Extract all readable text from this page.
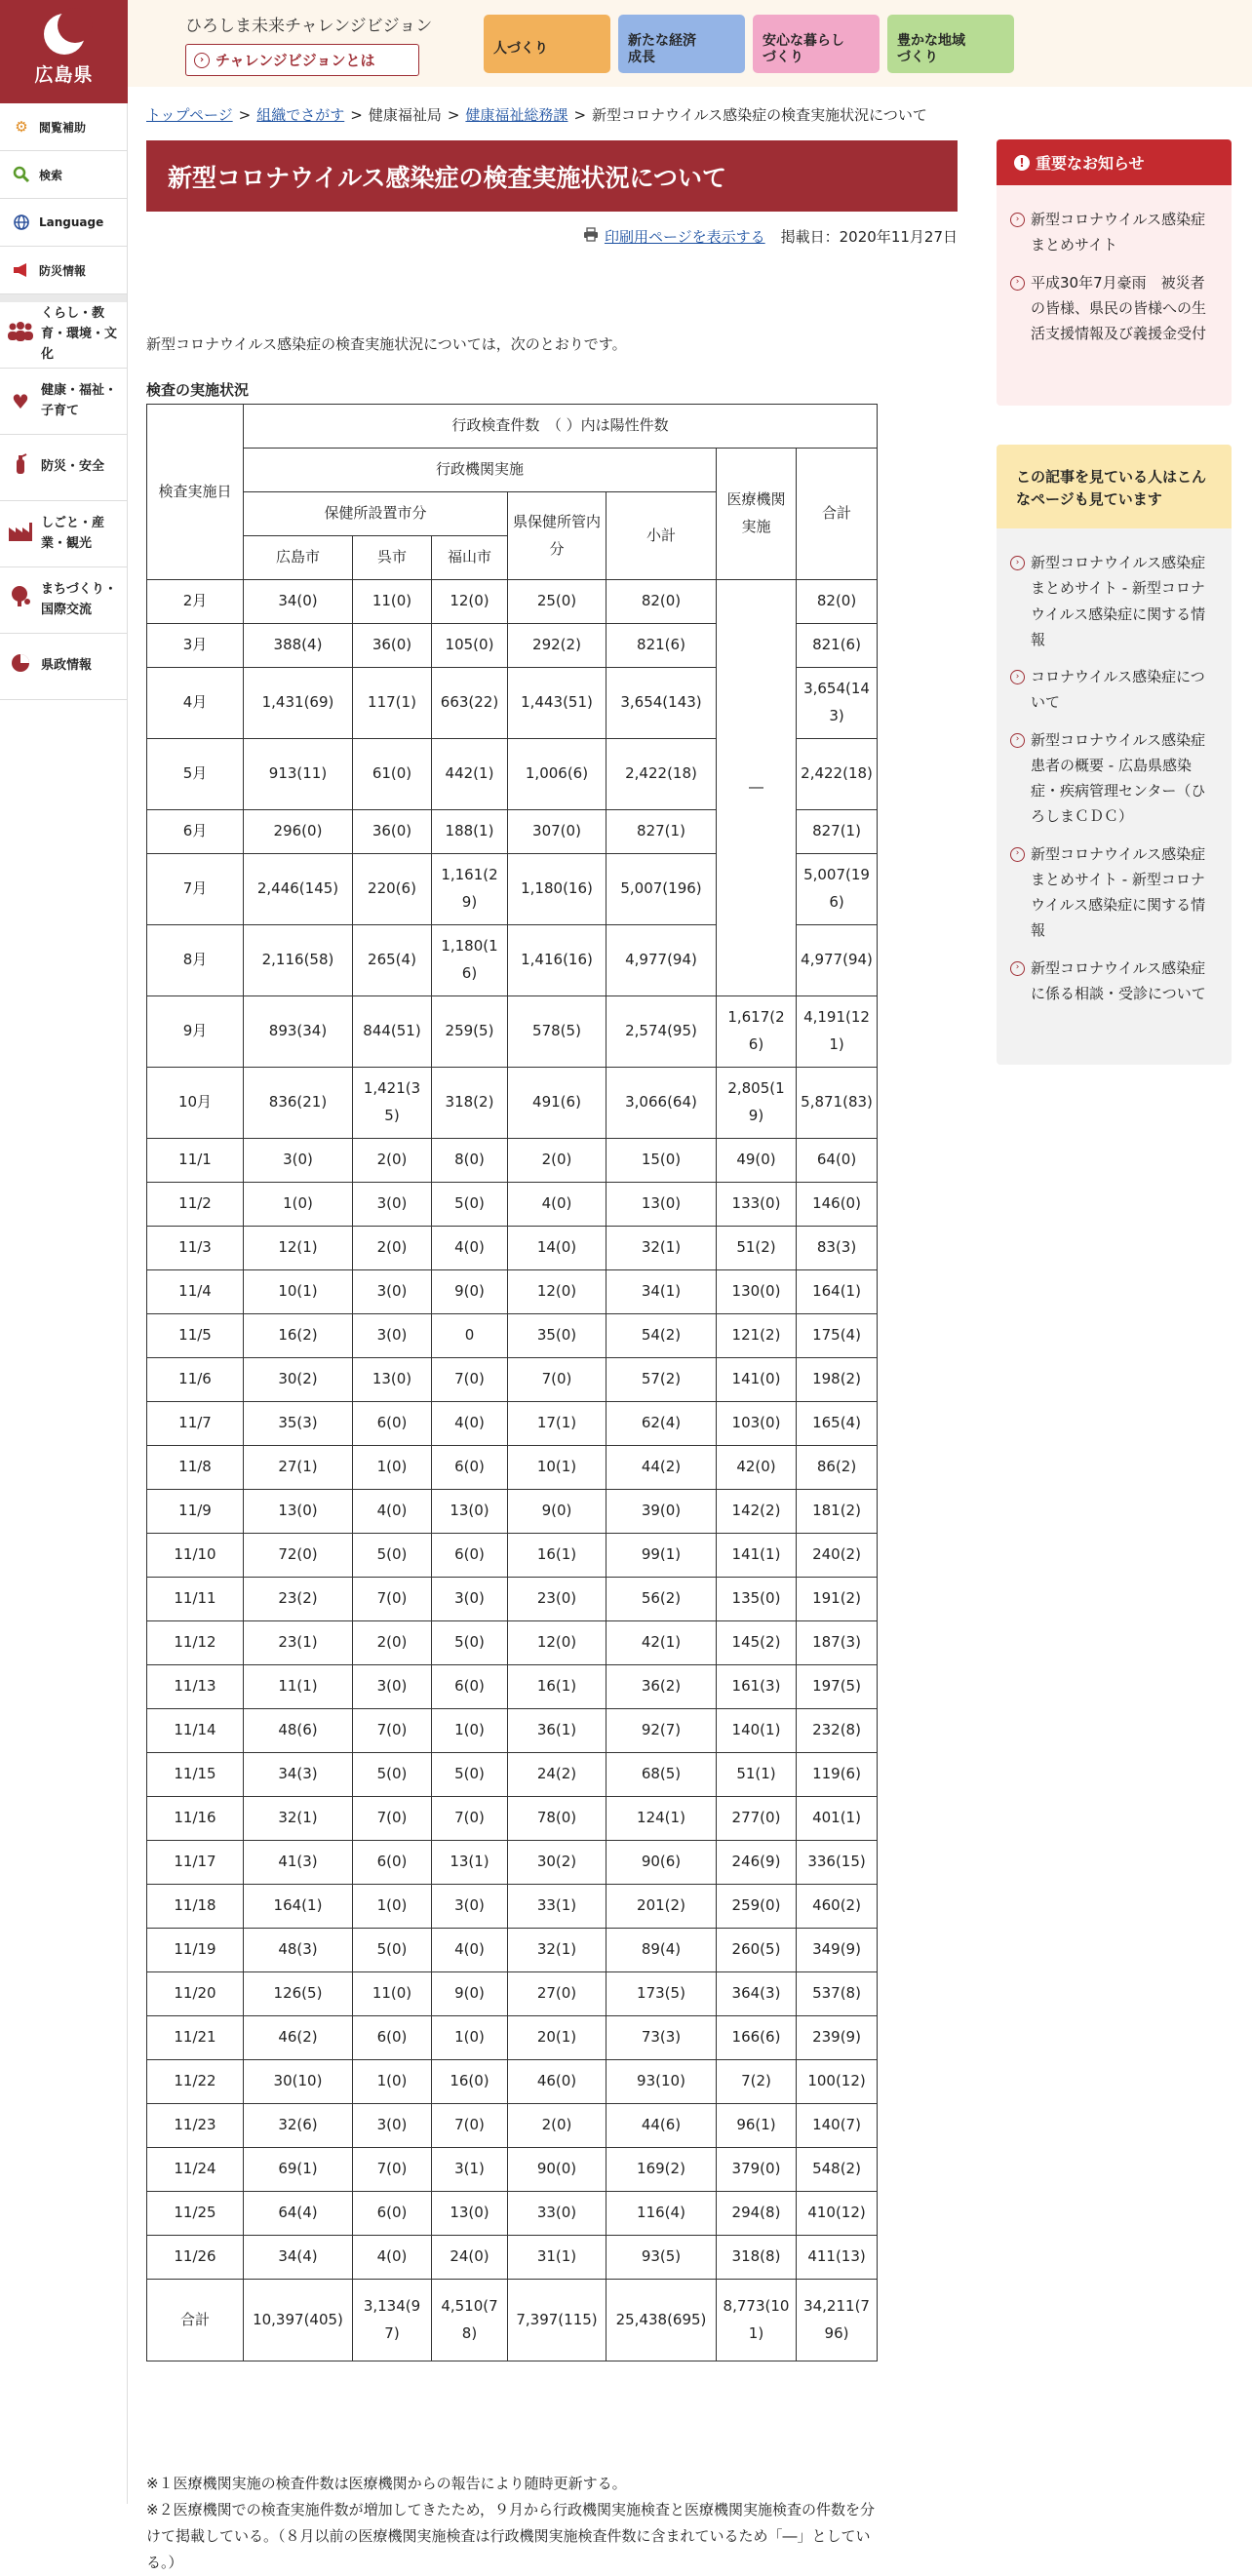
広島県
⚙ 閲覧補助
検索
Language
防災情報
くらし・教育・環境・文化
♥ 健康・福祉・子育て
防災・安全
しごと・産業・観光
まちづくり・国際交流
県政情報
ひろしま未来チャレンジビジョン
› チャレンジビジョンとは
人づくり
新たな経済成長
安心な暮らしづくり
豊かな地域づくり
トップページ > 組織でさがす > 健康福祉局 > 健康福祉総務課 > 新型コロナウイルス感染症の検査実施状況について
新型コロナウイルス感染症の検査実施状況について
印刷用ページを表示する 掲載日：2020年11月27日

新型コロナウイルス感染症の検査実施状況については，次のとおりです。

検査の実施状況
検査実施日	行政検査件数　（ ）内は陽性件数						
	行政機関実施					医療機関実施	合計
	保健所設置市分			県保健所管内分	小計		
	広島市	呉市	福山市				
2月	34(0)	11(0)	12(0)	25(0)	82(0)	―	82(0)
3月	388(4)	36(0)	105(0)	292(2)	821(6)		821(6)
4月	1,431(69)	117(1)	663(22)	1,443(51)	3,654(143)		3,654(143)
5月	913(11)	61(0)	442(1)	1,006(6)	2,422(18)		2,422(18)
6月	296(0)	36(0)	188(1)	307(0)	827(1)		827(1)
7月	2,446(145)	220(6)	1,161(29)	1,180(16)	5,007(196)		5,007(196)
8月	2,116(58)	265(4)	1,180(16)	1,416(16)	4,977(94)		4,977(94)
9月	893(34)	844(51)	259(5)	578(5)	2,574(95)	1,617(26)	4,191(121)
10月	836(21)	1,421(35)	318(2)	491(6)	3,066(64)	2,805(19)	5,871(83)
11/1	3(0)	2(0)	8(0)	2(0)	15(0)	49(0)	64(0)
11/2	1(0)	3(0)	5(0)	4(0)	13(0)	133(0)	146(0)
11/3	12(1)	2(0)	4(0)	14(0)	32(1)	51(2)	83(3)
11/4	10(1)	3(0)	9(0)	12(0)	34(1)	130(0)	164(1)
11/5	16(2)	3(0)	0	35(0)	54(2)	121(2)	175(4)
11/6	30(2)	13(0)	7(0)	7(0)	57(2)	141(0)	198(2)
11/7	35(3)	6(0)	4(0)	17(1)	62(4)	103(0)	165(4)
11/8	27(1)	1(0)	6(0)	10(1)	44(2)	42(0)	86(2)
11/9	13(0)	4(0)	13(0)	9(0)	39(0)	142(2)	181(2)
11/10	72(0)	5(0)	6(0)	16(1)	99(1)	141(1)	240(2)
11/11	23(2)	7(0)	3(0)	23(0)	56(2)	135(0)	191(2)
11/12	23(1)	2(0)	5(0)	12(0)	42(1)	145(2)	187(3)
11/13	11(1)	3(0)	6(0)	16(1)	36(2)	161(3)	197(5)
11/14	48(6)	7(0)	1(0)	36(1)	92(7)	140(1)	232(8)
11/15	34(3)	5(0)	5(0)	24(2)	68(5)	51(1)	119(6)
11/16	32(1)	7(0)	7(0)	78(0)	124(1)	277(0)	401(1)
11/17	41(3)	6(0)	13(1)	30(2)	90(6)	246(9)	336(15)
11/18	164(1)	1(0)	3(0)	33(1)	201(2)	259(0)	460(2)
11/19	48(3)	5(0)	4(0)	32(1)	89(4)	260(5)	349(9)
11/20	126(5)	11(0)	9(0)	27(0)	173(5)	364(3)	537(8)
11/21	46(2)	6(0)	1(0)	20(1)	73(3)	166(6)	239(9)
11/22	30(10)	1(0)	16(0)	46(0)	93(10)	7(2)	100(12)
11/23	32(6)	3(0)	7(0)	2(0)	44(6)	96(1)	140(7)
11/24	69(1)	7(0)	3(1)	90(0)	169(2)	379(0)	548(2)
11/25	64(4)	6(0)	13(0)	33(0)	116(4)	294(8)	410(12)
11/26	34(4)	4(0)	24(0)	31(1)	93(5)	318(8)	411(13)
合計	10,397(405)	3,134(97)	4,510(78)	7,397(115)	25,438(695)	8,773(101)	34,211(796)

※１医療機関実施の検査件数は医療機関からの報告により随時更新する。

※２医療機関での検査実施件数が増加してきたため，９月から行政機関実施検査と医療機関実施検査の件数を分けて掲載している。（８月以前の医療機関実施検査は行政機関実施検査件数に含まれているため「―」としている。）

! 重要なお知らせ
› 新型コロナウイルス感染症 まとめサイト
› 平成30年7月豪雨　被災者の皆様、県民の皆様への生活支援情報及び義援金受付
この記事を見ている人はこんなページも見ています
› 新型コロナウイルス感染症 まとめサイト - 新型コロナウイルス感染症に関する情報
› コロナウイルス感染症について
› 新型コロナウイルス感染症患者の概要 - 広島県感染症・疾病管理センター（ひろしまＣＤＣ）
› 新型コロナウイルス感染症 まとめサイト - 新型コロナウイルス感染症に関する情報
› 新型コロナウイルス感染症に係る相談・受診について
